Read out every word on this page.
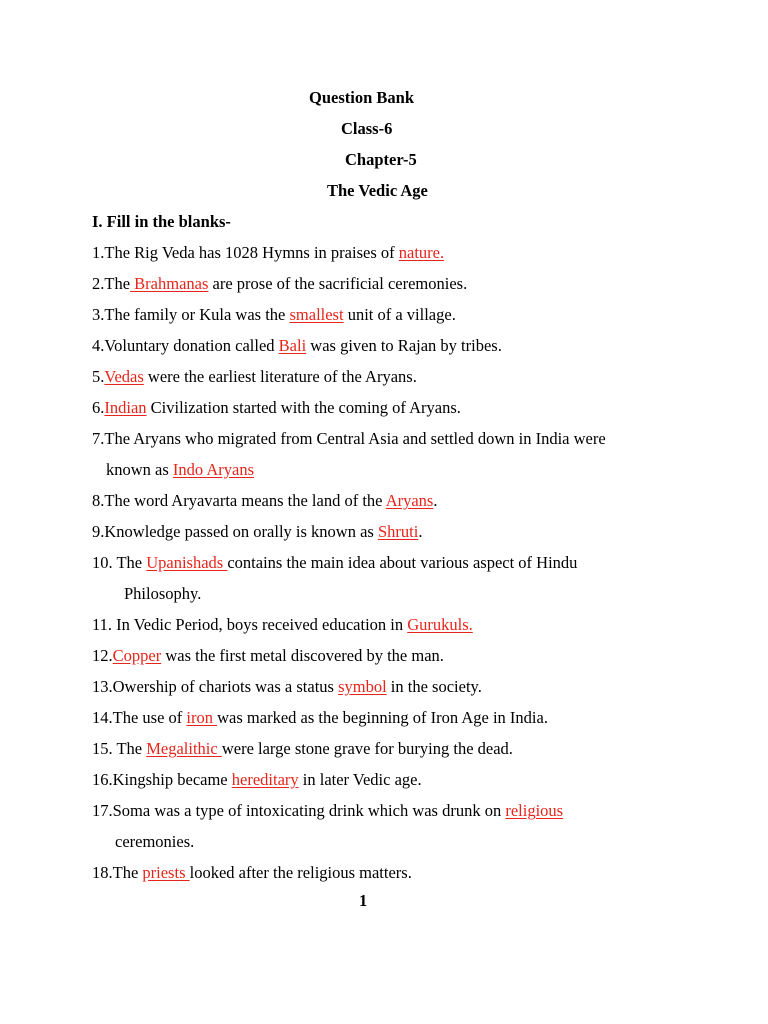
Question Bank
Class-6
Chapter-5
The Vedic Age
I. Fill in the blanks-
1.The Rig Veda has 1028 Hymns in praises of nature.
2.The Brahmanas are prose of the sacrificial ceremonies.
3.The family or Kula was the smallest unit of a village.
4.Voluntary donation called Bali was given to Rajan by tribes.
5.Vedas were the earliest literature of the Aryans.
6.Indian Civilization started with the coming of Aryans.
7.The Aryans who migrated from Central Asia and settled down in India were
known as Indo Aryans
8.The word Aryavarta means the land of the Aryans.
9.Knowledge passed on orally is known as Shruti.
10. The Upanishads contains the main idea about various aspect of Hindu
Philosophy.
11. In Vedic Period, boys received education in Gurukuls.
12.Copper was the first metal discovered by the man.
13.Owership of chariots was a status symbol in the society.
14.The use of iron was marked as the beginning of Iron Age in India.
15. The Megalithic were large stone grave for burying the dead.
16.Kingship became hereditary in later Vedic age.
17.Soma was a type of intoxicating drink which was drunk on religious
ceremonies.
18.The priests looked after the religious matters.
1
